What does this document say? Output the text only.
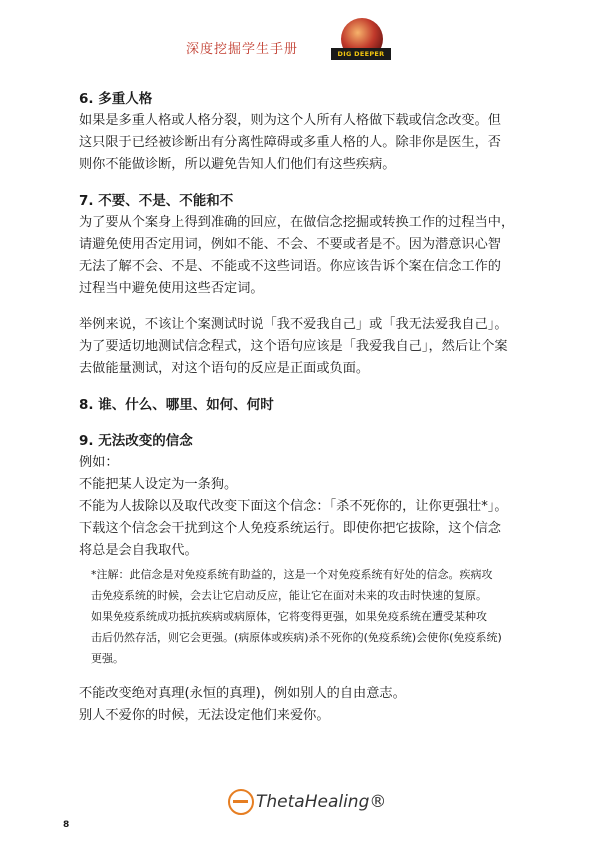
深度挖掘学生手册	DIG DEEPER
6. 多重人格

如果是多重人格或人格分裂，则为这个人所有人格做下载或信念改变。但

这只限于已经被诊断出有分离性障碍或多重人格的人。除非你是医生，否

则你不能做诊断，所以避免告知人们他们有这些疾病。

7. 不要、不是、不能和不

为了要从个案身上得到准确的回应，在做信念挖掘或转换工作的过程当中，

请避免使用否定用词，例如不能、不会、不要或者是不。因为潜意识心智

无法了解不会、不是、不能或不这些词语。你应该告诉个案在信念工作的

过程当中避免使用这些否定词。

举例来说，不该让个案测试时说「我不爱我自己」或「我无法爱我自己」。

为了要适切地测试信念程式，这个语句应该是「我爱我自己」，然后让个案

去做能量测试，对这个语句的反应是正面或负面。

8. 谁、什么、哪里、如何、何时
9. 无法改变的信念

例如：

不能把某人设定为一条狗。

不能为人拔除以及取代改变下面这个信念：「杀不死你的，让你更强壮*」。

下载这个信念会干扰到这个人免疫系统运行。即使你把它拔除，这个信念

将总是会自我取代。

*注解：此信念是对免疫系统有助益的，这是一个对免疫系统有好处的信念。疾病攻

击免疫系统的时候，会去让它启动反应，能让它在面对未来的攻击时快速的复原。

如果免疫系统成功抵抗疾病或病原体，它将变得更强，如果免疫系统在遭受某种攻

击后仍然存活，则它会更强。(病原体或疾病)杀不死你的(免疫系统)会使你(免疫系统)

更强。

不能改变绝对真理(永恒的真理)，例如别人的自由意志。

别人不爱你的时候，无法设定他们来爱你。

ThetaHealing®
8
